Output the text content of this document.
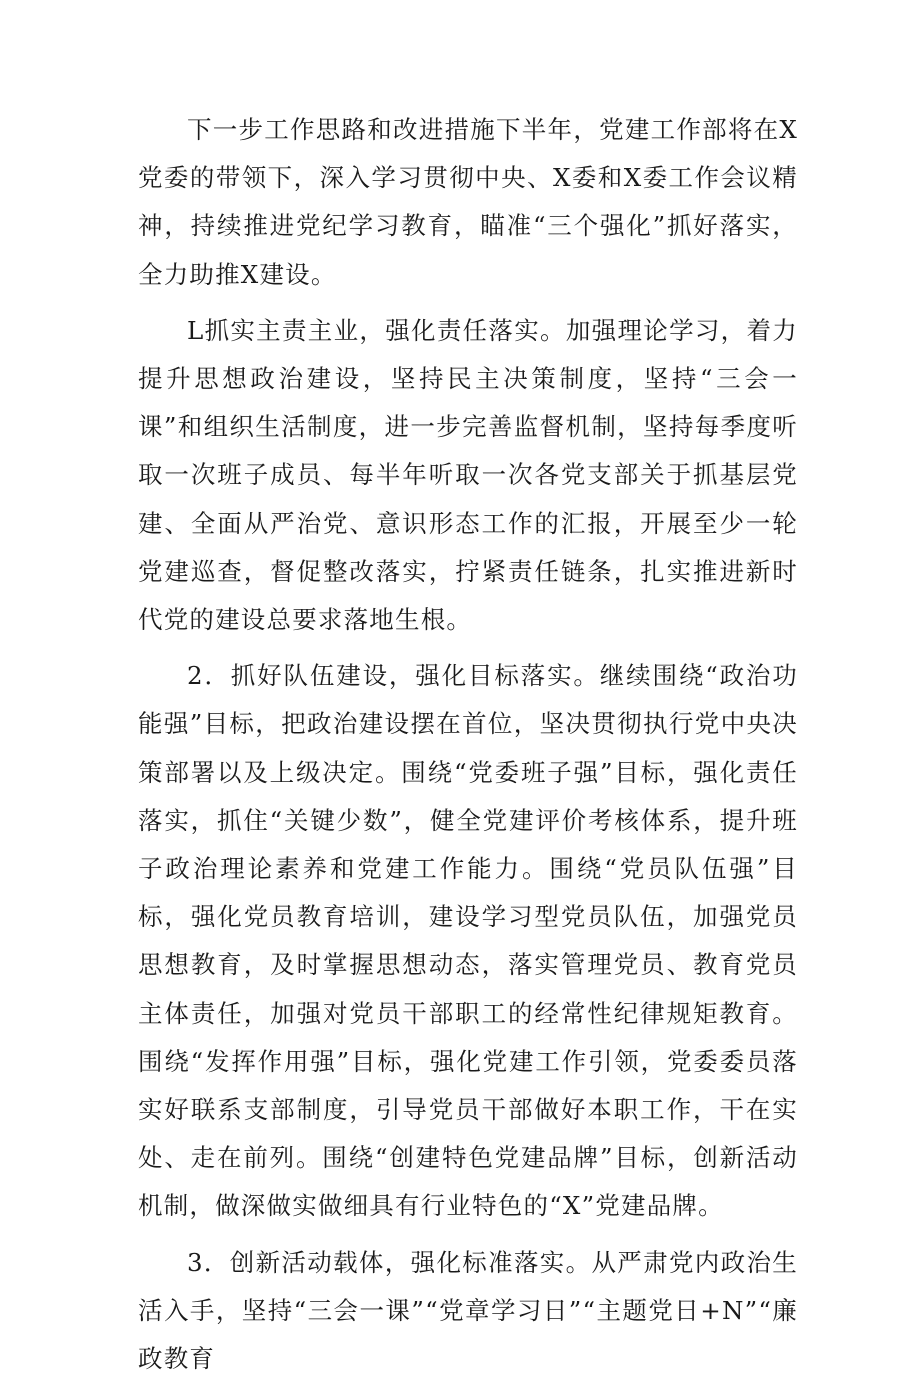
下一步工作思路和改进措施下半年，党建工作部将在X党委的带领下，深入学习贯彻中央、X委和X委工作会议精神，持续推进党纪学习教育，瞄准“三个强化”抓好落实，全力助推X建设。

L抓实主责主业，强化责任落实。加强理论学习，着力提升思想政治建设，坚持民主决策制度，坚持“三会一课”和组织生活制度，进一步完善监督机制，坚持每季度听取一次班子成员、每半年听取一次各党支部关于抓基层党建、全面从严治党、意识形态工作的汇报，开展至少一轮党建巡查，督促整改落实，拧紧责任链条，扎实推进新时代党的建设总要求落地生根。

2．抓好队伍建设，强化目标落实。继续围绕“政治功能强”目标，把政治建设摆在首位，坚决贯彻执行党中央决策部署以及上级决定。围绕“党委班子强”目标，强化责任落实，抓住“关键少数”，健全党建评价考核体系，提升班子政治理论素养和党建工作能力。围绕“党员队伍强”目标，强化党员教育培训，建设学习型党员队伍，加强党员思想教育，及时掌握思想动态，落实管理党员、教育党员主体责任，加强对党员干部职工的经常性纪律规矩教育。围绕“发挥作用强”目标，强化党建工作引领，党委委员落实好联系支部制度，引导党员干部做好本职工作，干在实处、走在前列。围绕“创建特色党建品牌”目标，创新活动机制，做深做实做细具有行业特色的“X”党建品牌。

3．创新活动载体，强化标准落实。从严肃党内政治生活入手，坚持“三会一课”“党章学习日”“主题党日+N”“廉政教育
